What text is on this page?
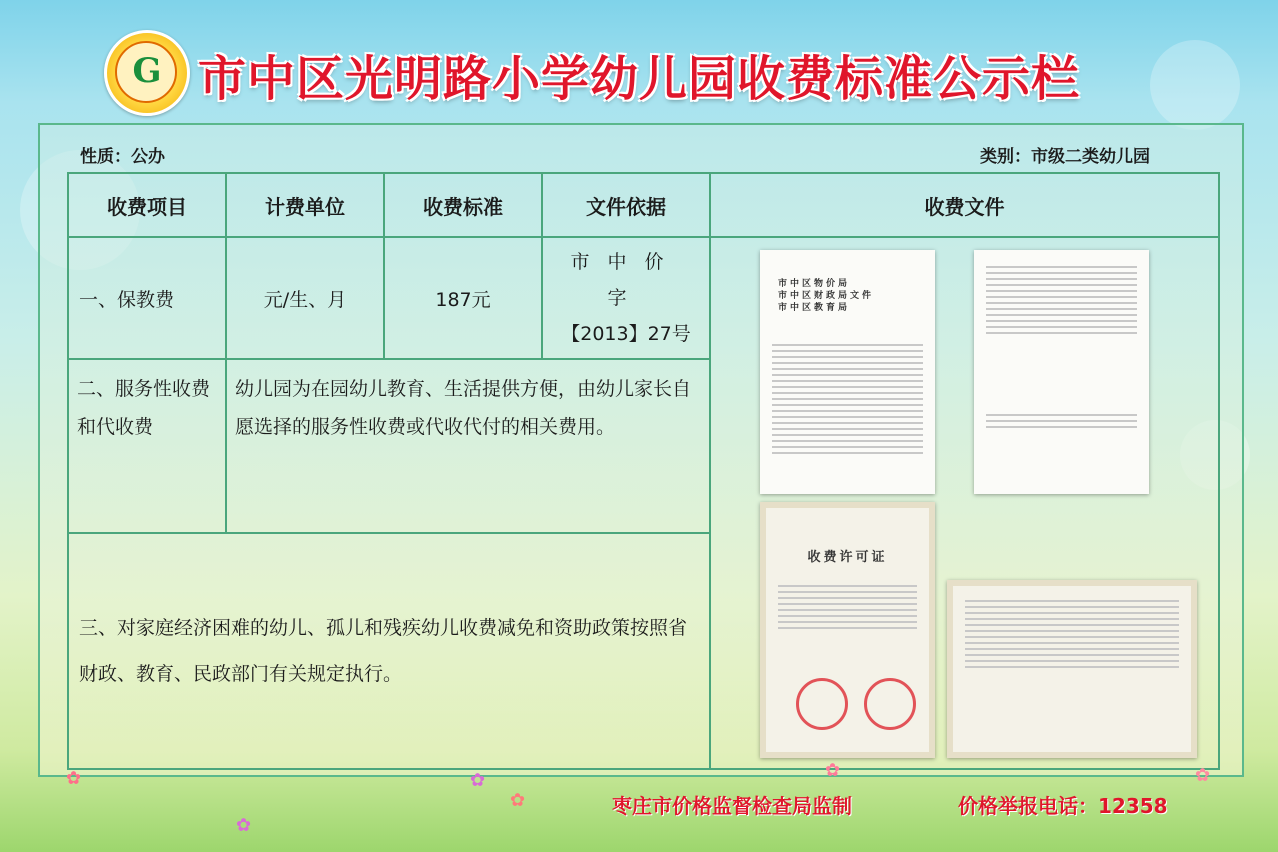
G 市中区光明路小学幼儿园收费标准公示栏
性质：公办	类别：市级二类幼儿园
收费项目	计费单位	收费标准	文件依据	收费文件
一、保教费	元/生、月	187元	市中价字
【2013】27号	

二、服务性收费和代收费	幼儿园为在园幼儿教育、生活提供方便，由幼儿家长自愿选择的服务性收费或代收代付的相关费用。			
三、对家庭经济困难的幼儿、孤儿和残疾幼儿收费减免和资助政策按照省财政、教育、民政部门有关规定执行。				
市中区物价局
市中区财政局文件
市中区教育局
收费许可证
✿
✿
✿
✿
✿	✿
枣庄市价格监督检查局监制	价格举报电话：12358
